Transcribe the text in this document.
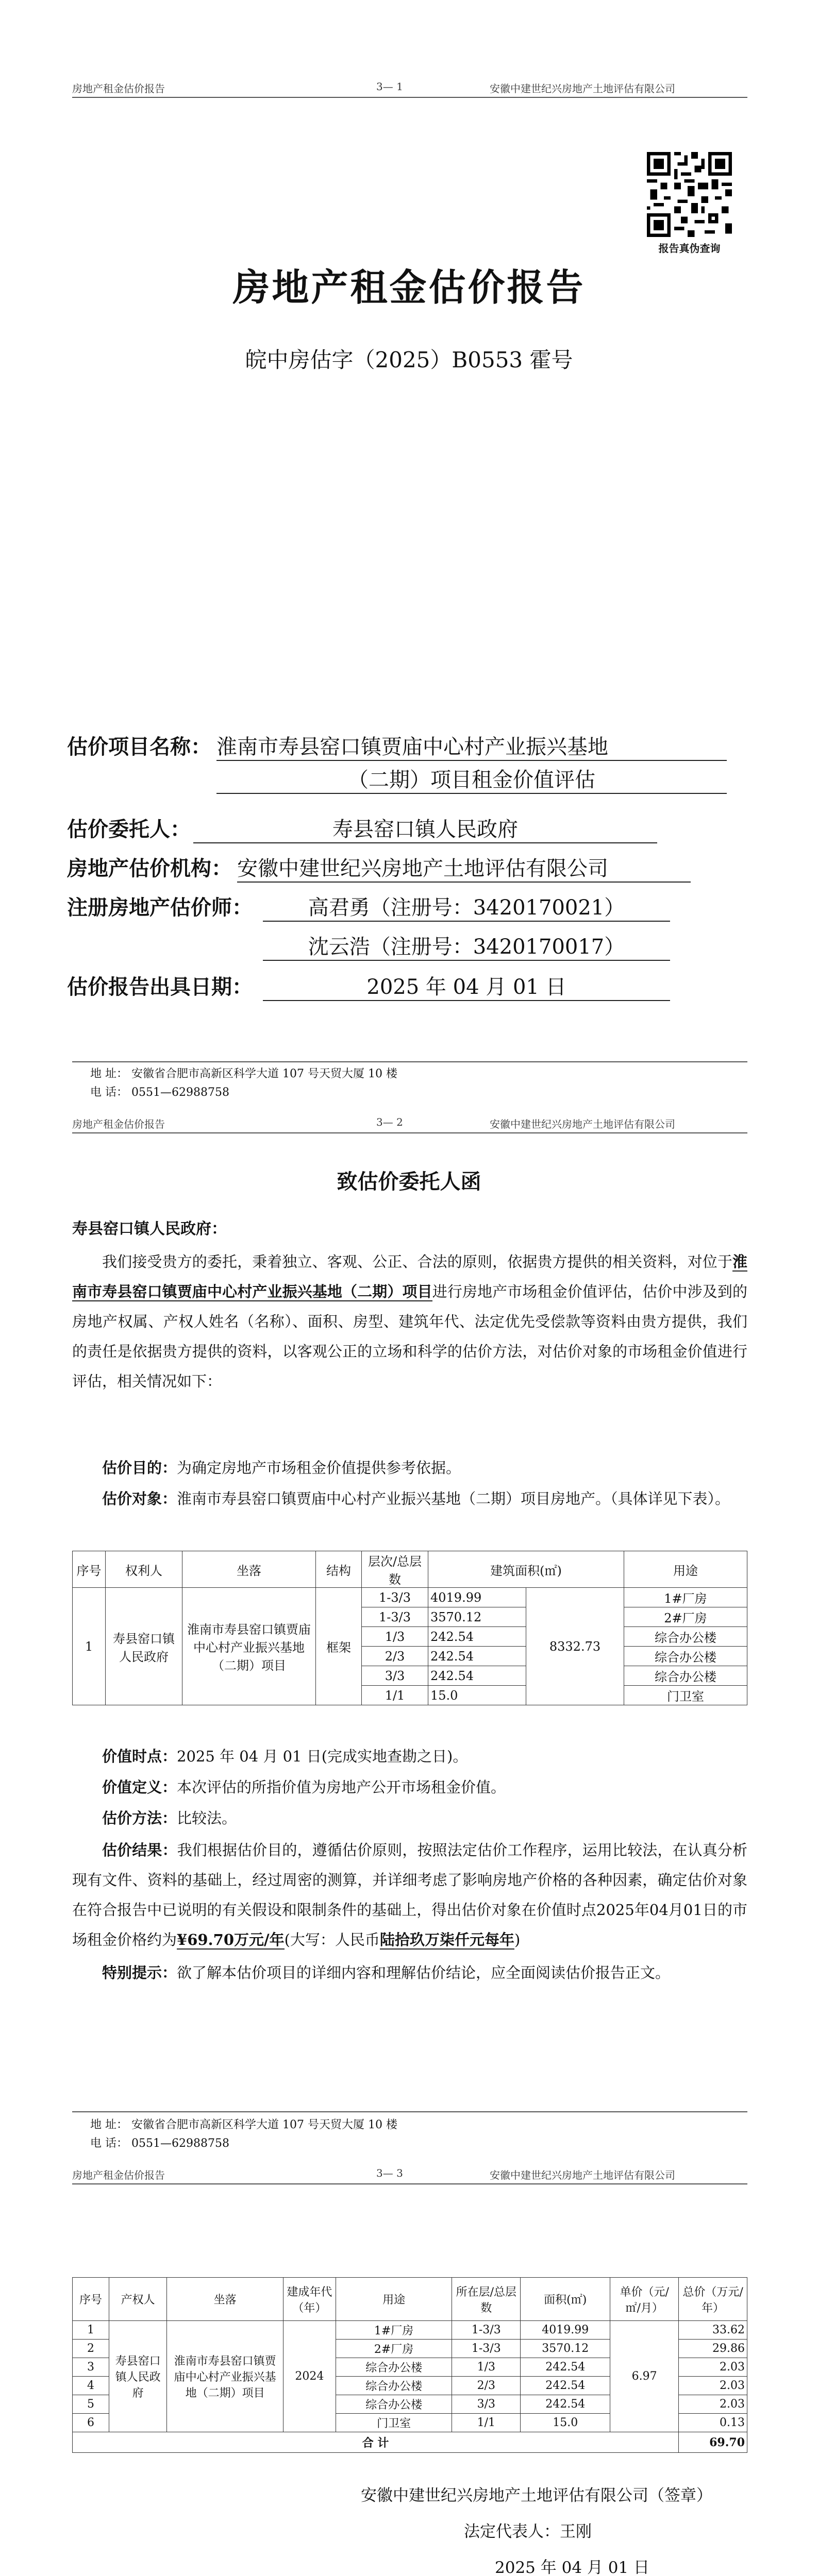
房地产租金估价报告	3— 1	安徽中建世纪兴房地产土地评估有限公司
报告真伪查询
房地产租金估价报告
皖中房估字（2025）B0553 霍号
估价项目名称： 淮南市寿县窑口镇贾庙中心村产业振兴基地
（二期）项目租金价值评估
估价委托人：	寿县窑口镇人民政府
房地产估价机构： 安徽中建世纪兴房地产土地评估有限公司
注册房地产估价师：	高君勇（注册号：3420170021）
沈云浩（注册号：3420170017）
估价报告出具日期：	2025 年 04 月 01 日
地 址： 安徽省合肥市高新区科学大道 107 号天贸大厦 10 楼
电 话： 0551—62988758
房地产租金估价报告	3— 2	安徽中建世纪兴房地产土地评估有限公司
致估价委托人函
寿县窑口镇人民政府：
我们接受贵方的委托，秉着独立、客观、公正、合法的原则，依据贵方提供的相关资料，对位于淮南市寿县窑口镇贾庙中心村产业振兴基地（二期）项目进行房地产市场租金价值评估，估价中涉及到的房地产权属、产权人姓名（名称）、面积、房型、建筑年代、法定优先受偿款等资料由贵方提供，我们的责任是依据贵方提供的资料，以客观公正的立场和科学的估价方法，对估价对象的市场租金价值进行评估，相关情况如下：
估价目的：为确定房地产市场租金价值提供参考依据。
估价对象：淮南市寿县窑口镇贾庙中心村产业振兴基地（二期）项目房地产。（具体详见下表）。
序号	权利人	坐落	结构	层次/总层数	建筑面积(㎡)		用途
1	寿县窑口镇人民政府	淮南市寿县窑口镇贾庙中心村产业振兴基地（二期）项目	框架	1-3/3	4019.99	8332.73	1#厂房
				1-3/3	3570.12		2#厂房
				1/3	242.54		综合办公楼
				2/3	242.54		综合办公楼
				3/3	242.54		综合办公楼
				1/1	15.0		门卫室
价值时点：2025 年 04 月 01 日(完成实地查勘之日)。
价值定义：本次评估的所指价值为房地产公开市场租金价值。
估价方法：比较法。
估价结果：我们根据估价目的，遵循估价原则，按照法定估价工作程序，运用比较法，在认真分析现有文件、资料的基础上，经过周密的测算，并详细考虑了影响房地产价格的各种因素，确定估价对象在符合报告中已说明的有关假设和限制条件的基础上，得出估价对象在价值时点2025年04月01日的市场租金价格约为¥69.70万元/年(大写：人民币陆拾玖万柒仟元每年)
特别提示：欲了解本估价项目的详细内容和理解估价结论，应全面阅读估价报告正文。
地 址： 安徽省合肥市高新区科学大道 107 号天贸大厦 10 楼
电 话： 0551—62988758
房地产租金估价报告	3— 3	安徽中建世纪兴房地产土地评估有限公司
序号	产权人	坐落	建成年代（年）	用途	所在层/总层数	面积(㎡)	单价（元/㎡/月）	总价（万元/年）
1	寿县窑口镇人民政府	淮南市寿县窑口镇贾庙中心村产业振兴基地（二期）项目	2024	1#厂房	1-3/3	4019.99	6.97	33.62
2				2#厂房	1-3/3	3570.12		29.86
3				综合办公楼	1/3	242.54		2.03
4				综合办公楼	2/3	242.54		2.03
5				综合办公楼	3/3	242.54		2.03
6				门卫室	1/1	15.0		0.13
合 计								69.70
安徽中建世纪兴房地产土地评估有限公司（签章）
法定代表人：王刚
2025 年 04 月 01 日
